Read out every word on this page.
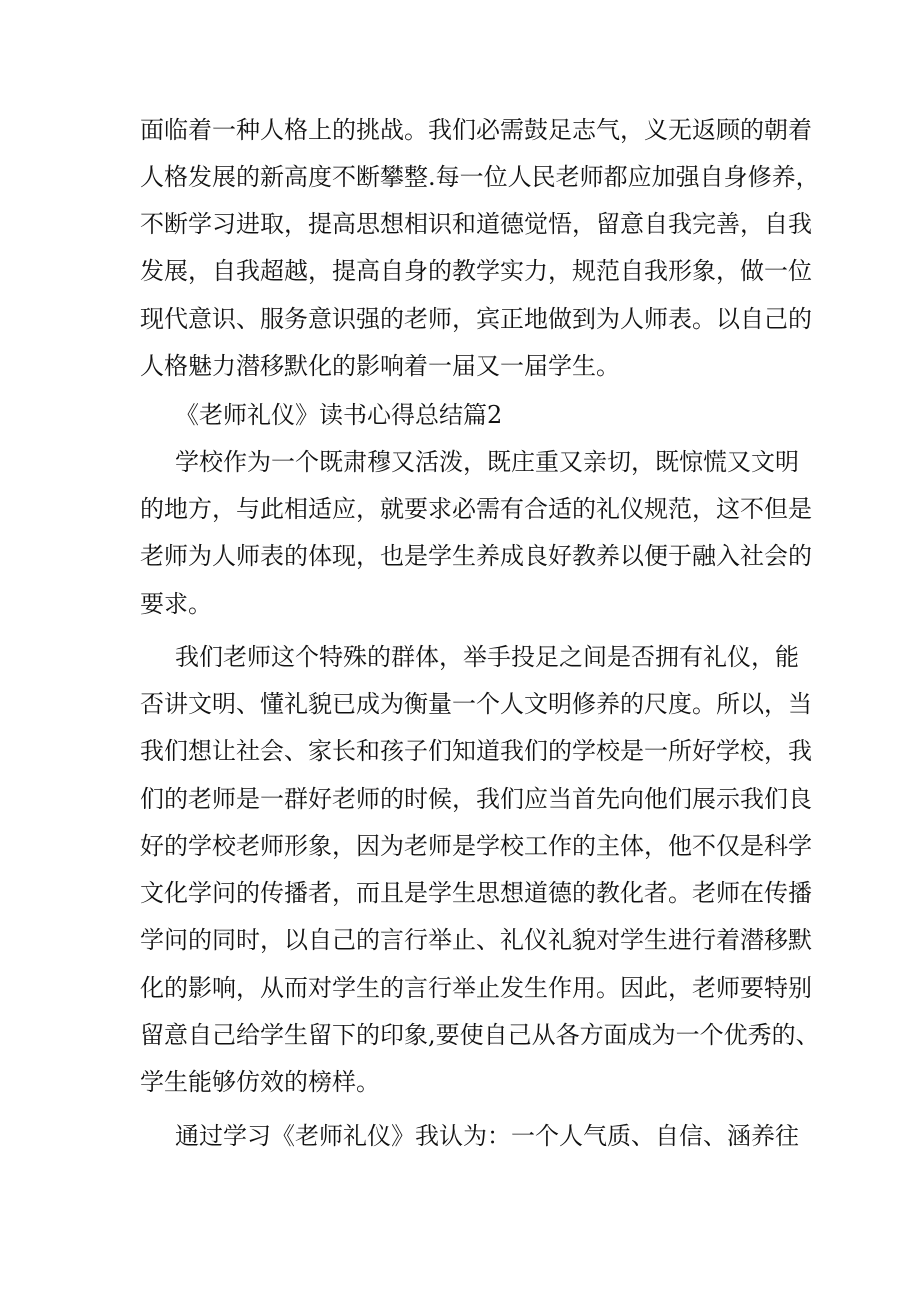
面临着一种人格上的挑战。我们必需鼓足志气，义无返顾的朝着
人格发展的新高度不断攀整.每一位人民老师都应加强自身修养，
不断学习进取，提高思想相识和道德觉悟，留意自我完善，自我
发展，自我超越，提高自身的教学实力，规范自我形象，做一位
现代意识、服务意识强的老师，宾正地做到为人师表。以自己的
人格魅力潜移默化的影响着一届又一届学生。
《老师礼仪》读书心得总结篇2
学校作为一个既肃穆又活泼，既庄重又亲切，既惊慌又文明
的地方，与此相适应，就要求必需有合适的礼仪规范，这不但是
老师为人师表的体现，也是学生养成良好教养以便于融入社会的
要求。
我们老师这个特殊的群体，举手投足之间是否拥有礼仪，能
否讲文明、懂礼貌已成为衡量一个人文明修养的尺度。所以，当
我们想让社会、家长和孩子们知道我们的学校是一所好学校，我
们的老师是一群好老师的时候，我们应当首先向他们展示我们良
好的学校老师形象，因为老师是学校工作的主体，他不仅是科学
文化学问的传播者，而且是学生思想道德的教化者。老师在传播
学问的同时，以自己的言行举止、礼仪礼貌对学生进行着潜移默
化的影响，从而对学生的言行举止发生作用。因此，老师要特别
留意自己给学生留下的印象,要使自己从各方面成为一个优秀的、
学生能够仿效的榜样。
通过学习《老师礼仪》我认为：一个人气质、自信、涵养往
